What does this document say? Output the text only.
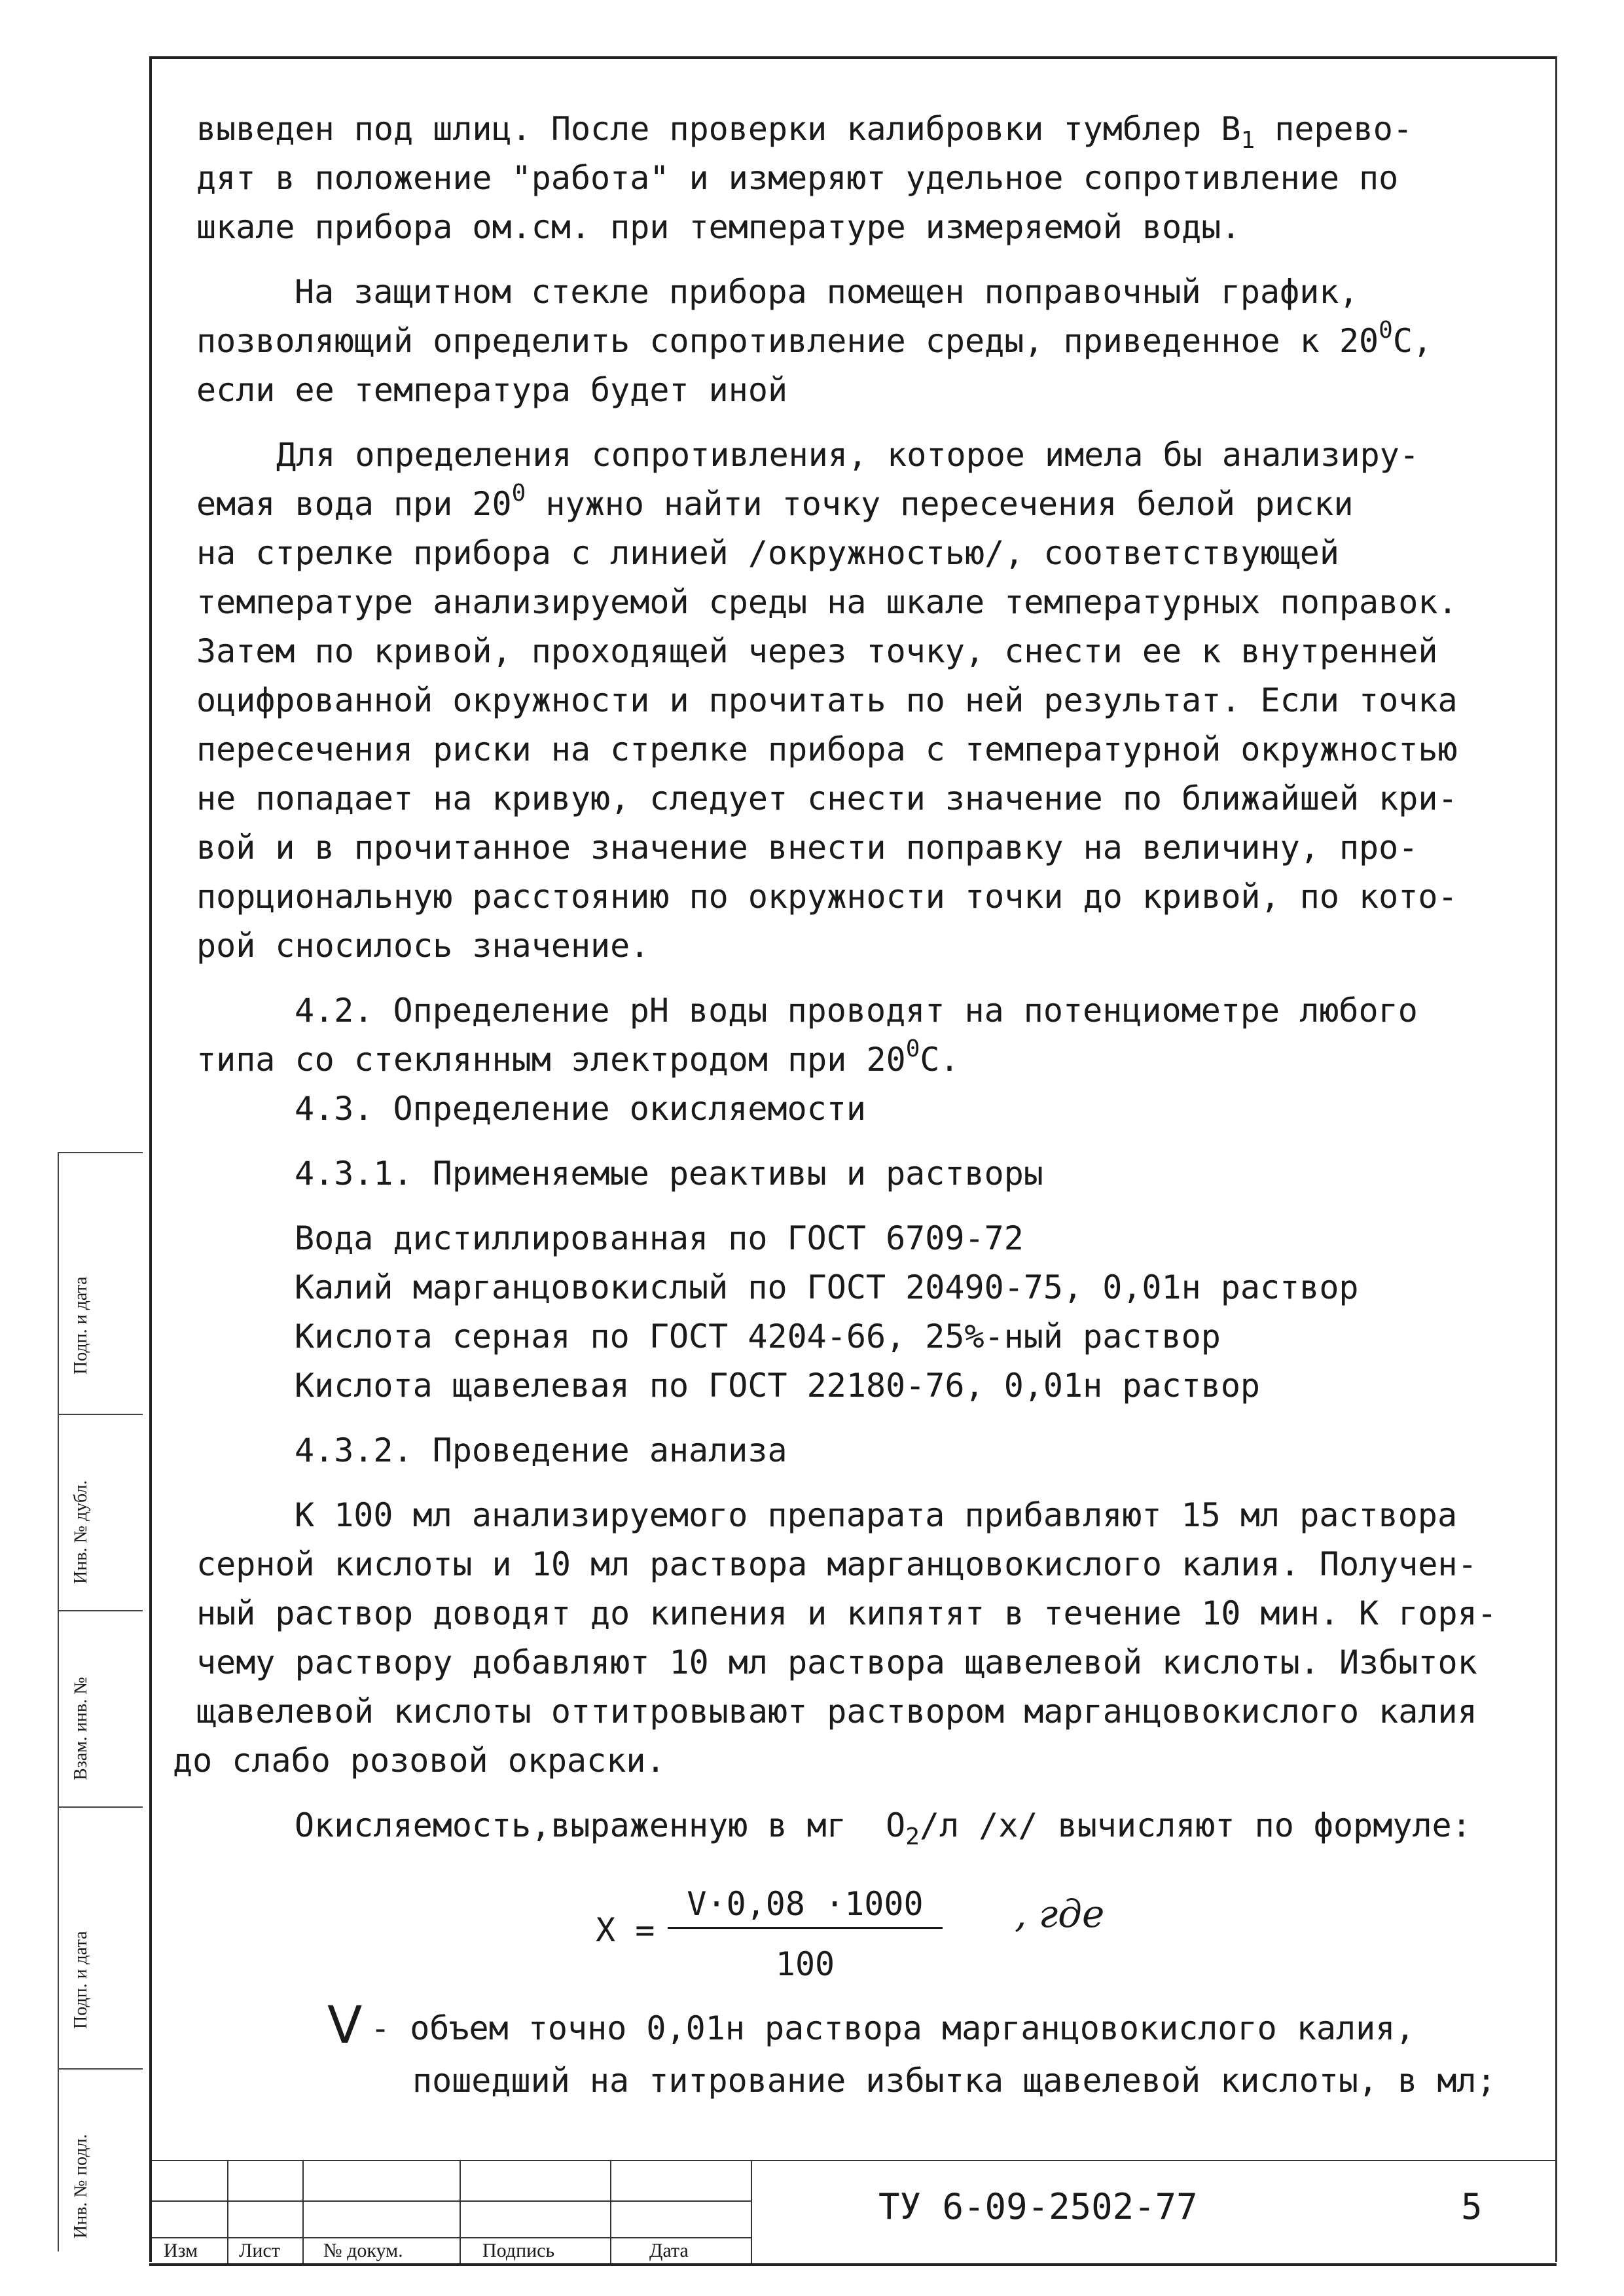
выведен под шлиц. После проверки калибровки тумблер $В_1$ перево-
дят в положение "работа" и измеряют удельное сопротивление по
шкале прибора ом.см. при температуре измеряемой воды.
На защитном стекле прибора помещен поправочный график,
позволяющий определить сопротивление среды, приведенное к $20^0С$,
если ее температура будет иной
Для определения сопротивления, которое имела бы анализиру-
емая вода при $20^0$ нужно найти точку пересечения белой риски
на стрелке прибора с линией /окружностью/, соответствующей
температуре анализируемой среды на шкале температурных поправок.
Затем по кривой, проходящей через точку, снести ее к внутренней
оцифрованной окружности и прочитать по ней результат. Если точка
пересечения риски на стрелке прибора с температурной окружностью
не попадает на кривую, следует снести значение по ближайшей кри-
вой и в прочитанное значение внести поправку на величину, про-
порциональную расстоянию по окружности точки до кривой, по кото-
рой сносилось значение.
4.2. Определение рН воды проводят на потенциометре любого
типа со стеклянным электродом при $20^0С$.
4.3. Определение окисляемости
4.3.1. Применяемые реактивы и растворы
Вода дистиллированная по ГОСТ 6709-72
Калий марганцовокислый по ГОСТ 20490-75, 0,01н раствор
Кислота серная по ГОСТ 4204-66, 25%-ный раствор
Кислота щавелевая по ГОСТ 22180-76, 0,01н раствор
4.3.2. Проведение анализа
К 100 мл анализируемого препарата прибавляют 15 мл раствора
серной кислоты и 10 мл раствора марганцовокислого калия. Получен-
ный раствор доводят до кипения и кипятят в течение 10 мин. К горя-
чему раствору добавляют 10 мл раствора щавелевой кислоты. Избыток
щавелевой кислоты оттитровывают раствором марганцовокислого калия
до слабо розовой окраски.
Окисляемость,выраженную в мг  $О_2/л$ /х/ вычисляют по формуле:
X =
V·0,08 ·1000
100
, где
V - объем точно 0,01н раствора марганцовокислого калия,
пошедший на титрование избытка щавелевой кислоты, в мл;
Инв. № подл.
Подп. и дата
Взам. инв. №
Инв. № дубл.
Подп. и дата
Изм Лист № докум.	Подпись	Дата
ТУ 6-09-2502-77	5
